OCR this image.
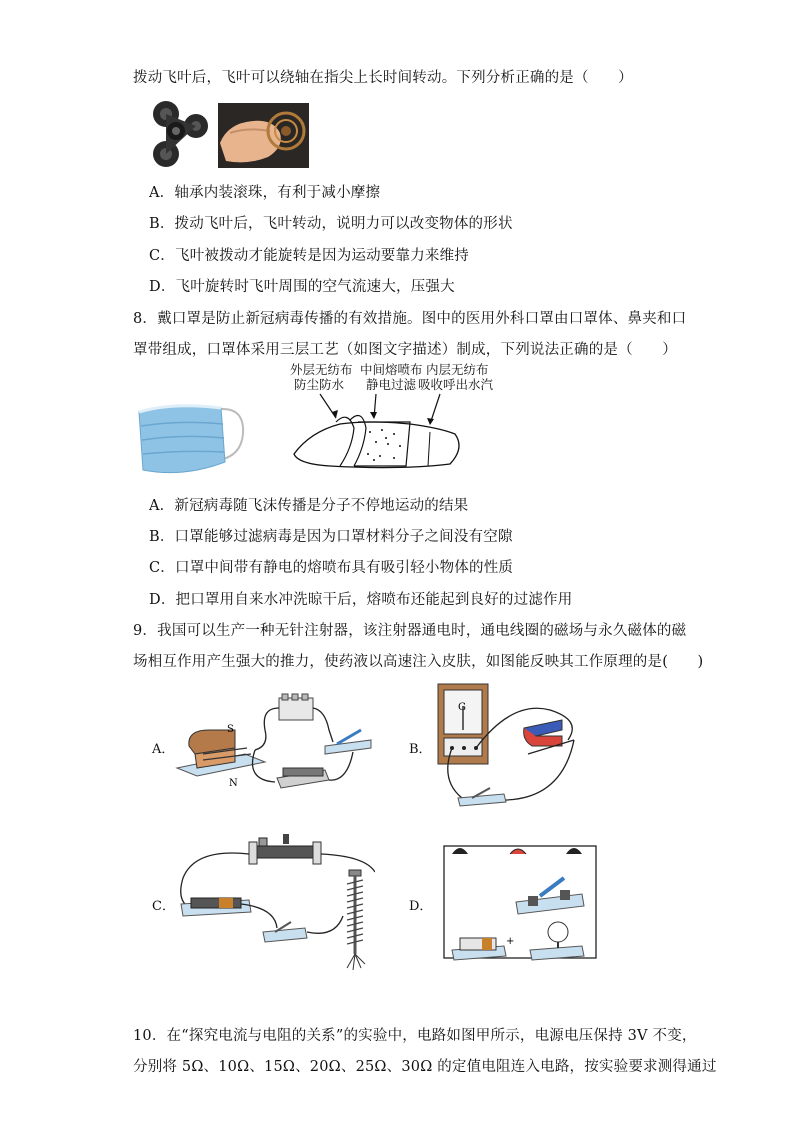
拨动飞叶后，飞叶可以绕轴在指尖上长时间转动。下列分析正确的是（　　）
A．轴承内装滚珠，有利于减小摩擦
B．拨动飞叶后，飞叶转动，说明力可以改变物体的形状
C．飞叶被拨动才能旋转是因为运动要靠力来维持
D．飞叶旋转时飞叶周围的空气流速大，压强大
8．戴口罩是防止新冠病毒传播的有效措施。图中的医用外科口罩由口罩体、鼻夹和口
罩带组成，口罩体采用三层工艺（如图文字描述）制成，下列说法正确的是（　　）
外层无纺布
防尘防水
中间熔喷布
静电过滤
内层无纺布
吸收呼出水汽
A．新冠病毒随飞沫传播是分子不停地运动的结果
B．口罩能够过滤病毒是因为口罩材料分子之间没有空隙
C．口罩中间带有静电的熔喷布具有吸引轻小物体的性质
D．把口罩用自来水冲洗晾干后，熔喷布还能起到良好的过滤作用
9．我国可以生产一种无针注射器，该注射器通电时，通电线圈的磁场与永久磁体的磁
场相互作用产生强大的推力，使药液以高速注入皮肤，如图能反映其工作原理的是(　　)
A．
S
N
B．
G
C．	D．
+
10．在“探究电流与电阻的关系”的实验中，电路如图甲所示，电源电压保持 3V 不变，
分别将 5Ω、10Ω、15Ω、20Ω、25Ω、30Ω 的定值电阻连入电路，按实验要求测得通过
